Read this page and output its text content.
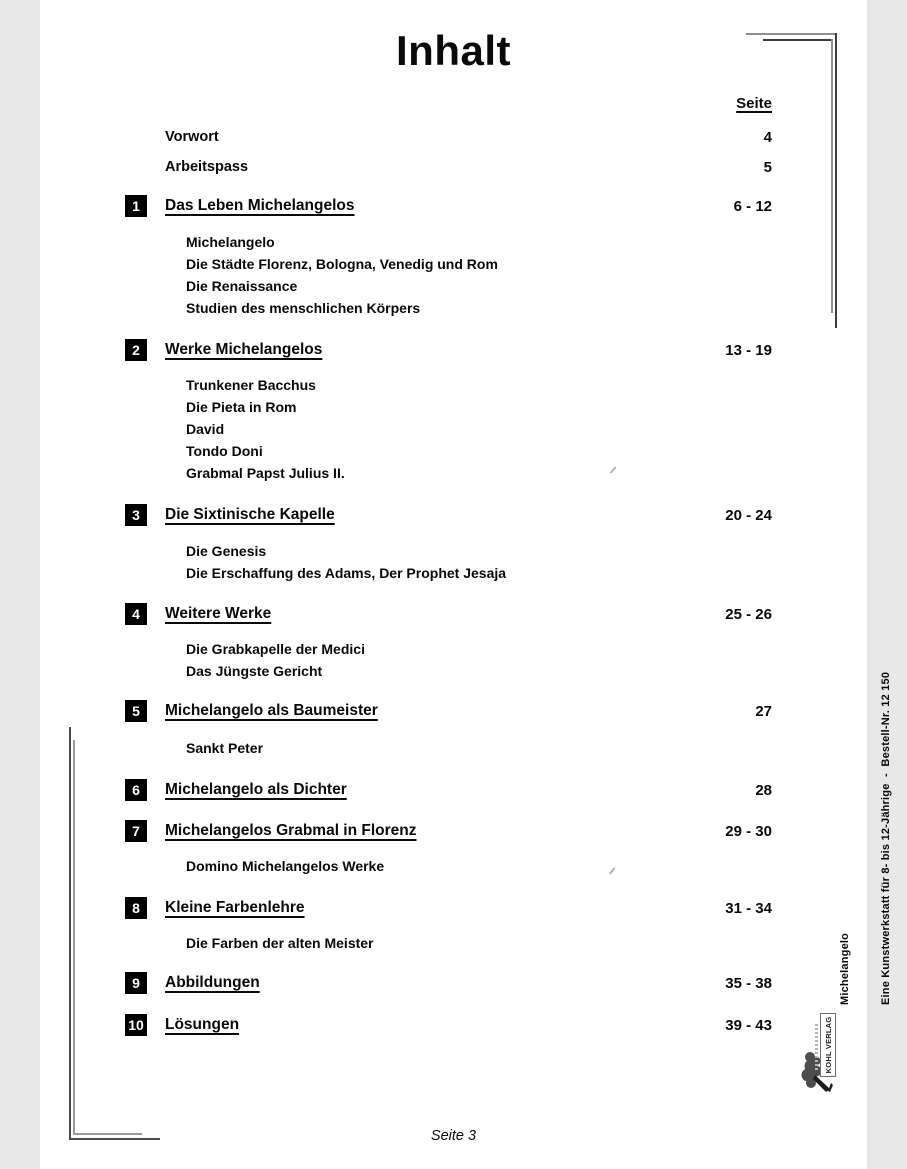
Inhalt
Seite
Vorwort	4
Arbeitspass	5
1	Das Leben Michelangelos	6 - 12
Michelangelo
Die Städte Florenz, Bologna, Venedig und Rom
Die Renaissance
Studien des menschlichen Körpers
2	Werke Michelangelos	13 - 19
Trunkener Bacchus
Die Pieta in Rom
David
Tondo Doni
Grabmal Papst Julius II.
3	Die Sixtinische Kapelle	20 - 24
Die Genesis
Die Erschaffung des Adams, Der Prophet Jesaja
4	Weitere Werke	25 - 26
Die Grabkapelle der Medici
Das Jüngste Gericht
5	Michelangelo als Baumeister	27
Sankt Peter
6	Michelangelo als Dichter	28
7	Michelangelos Grabmal in Florenz	29 - 30
Domino Michelangelos Werke
8	Kleine Farbenlehre	31 - 34
Die Farben der alten Meister
9	Abbildungen	35 - 38
10 Lösungen	39 - 43

Michelangelo

	Eine Kunstwerkstatt für 8- bis 12-Jährige  -  Bestell-Nr. 12 150

KOHL VERLAG
Seite 3
